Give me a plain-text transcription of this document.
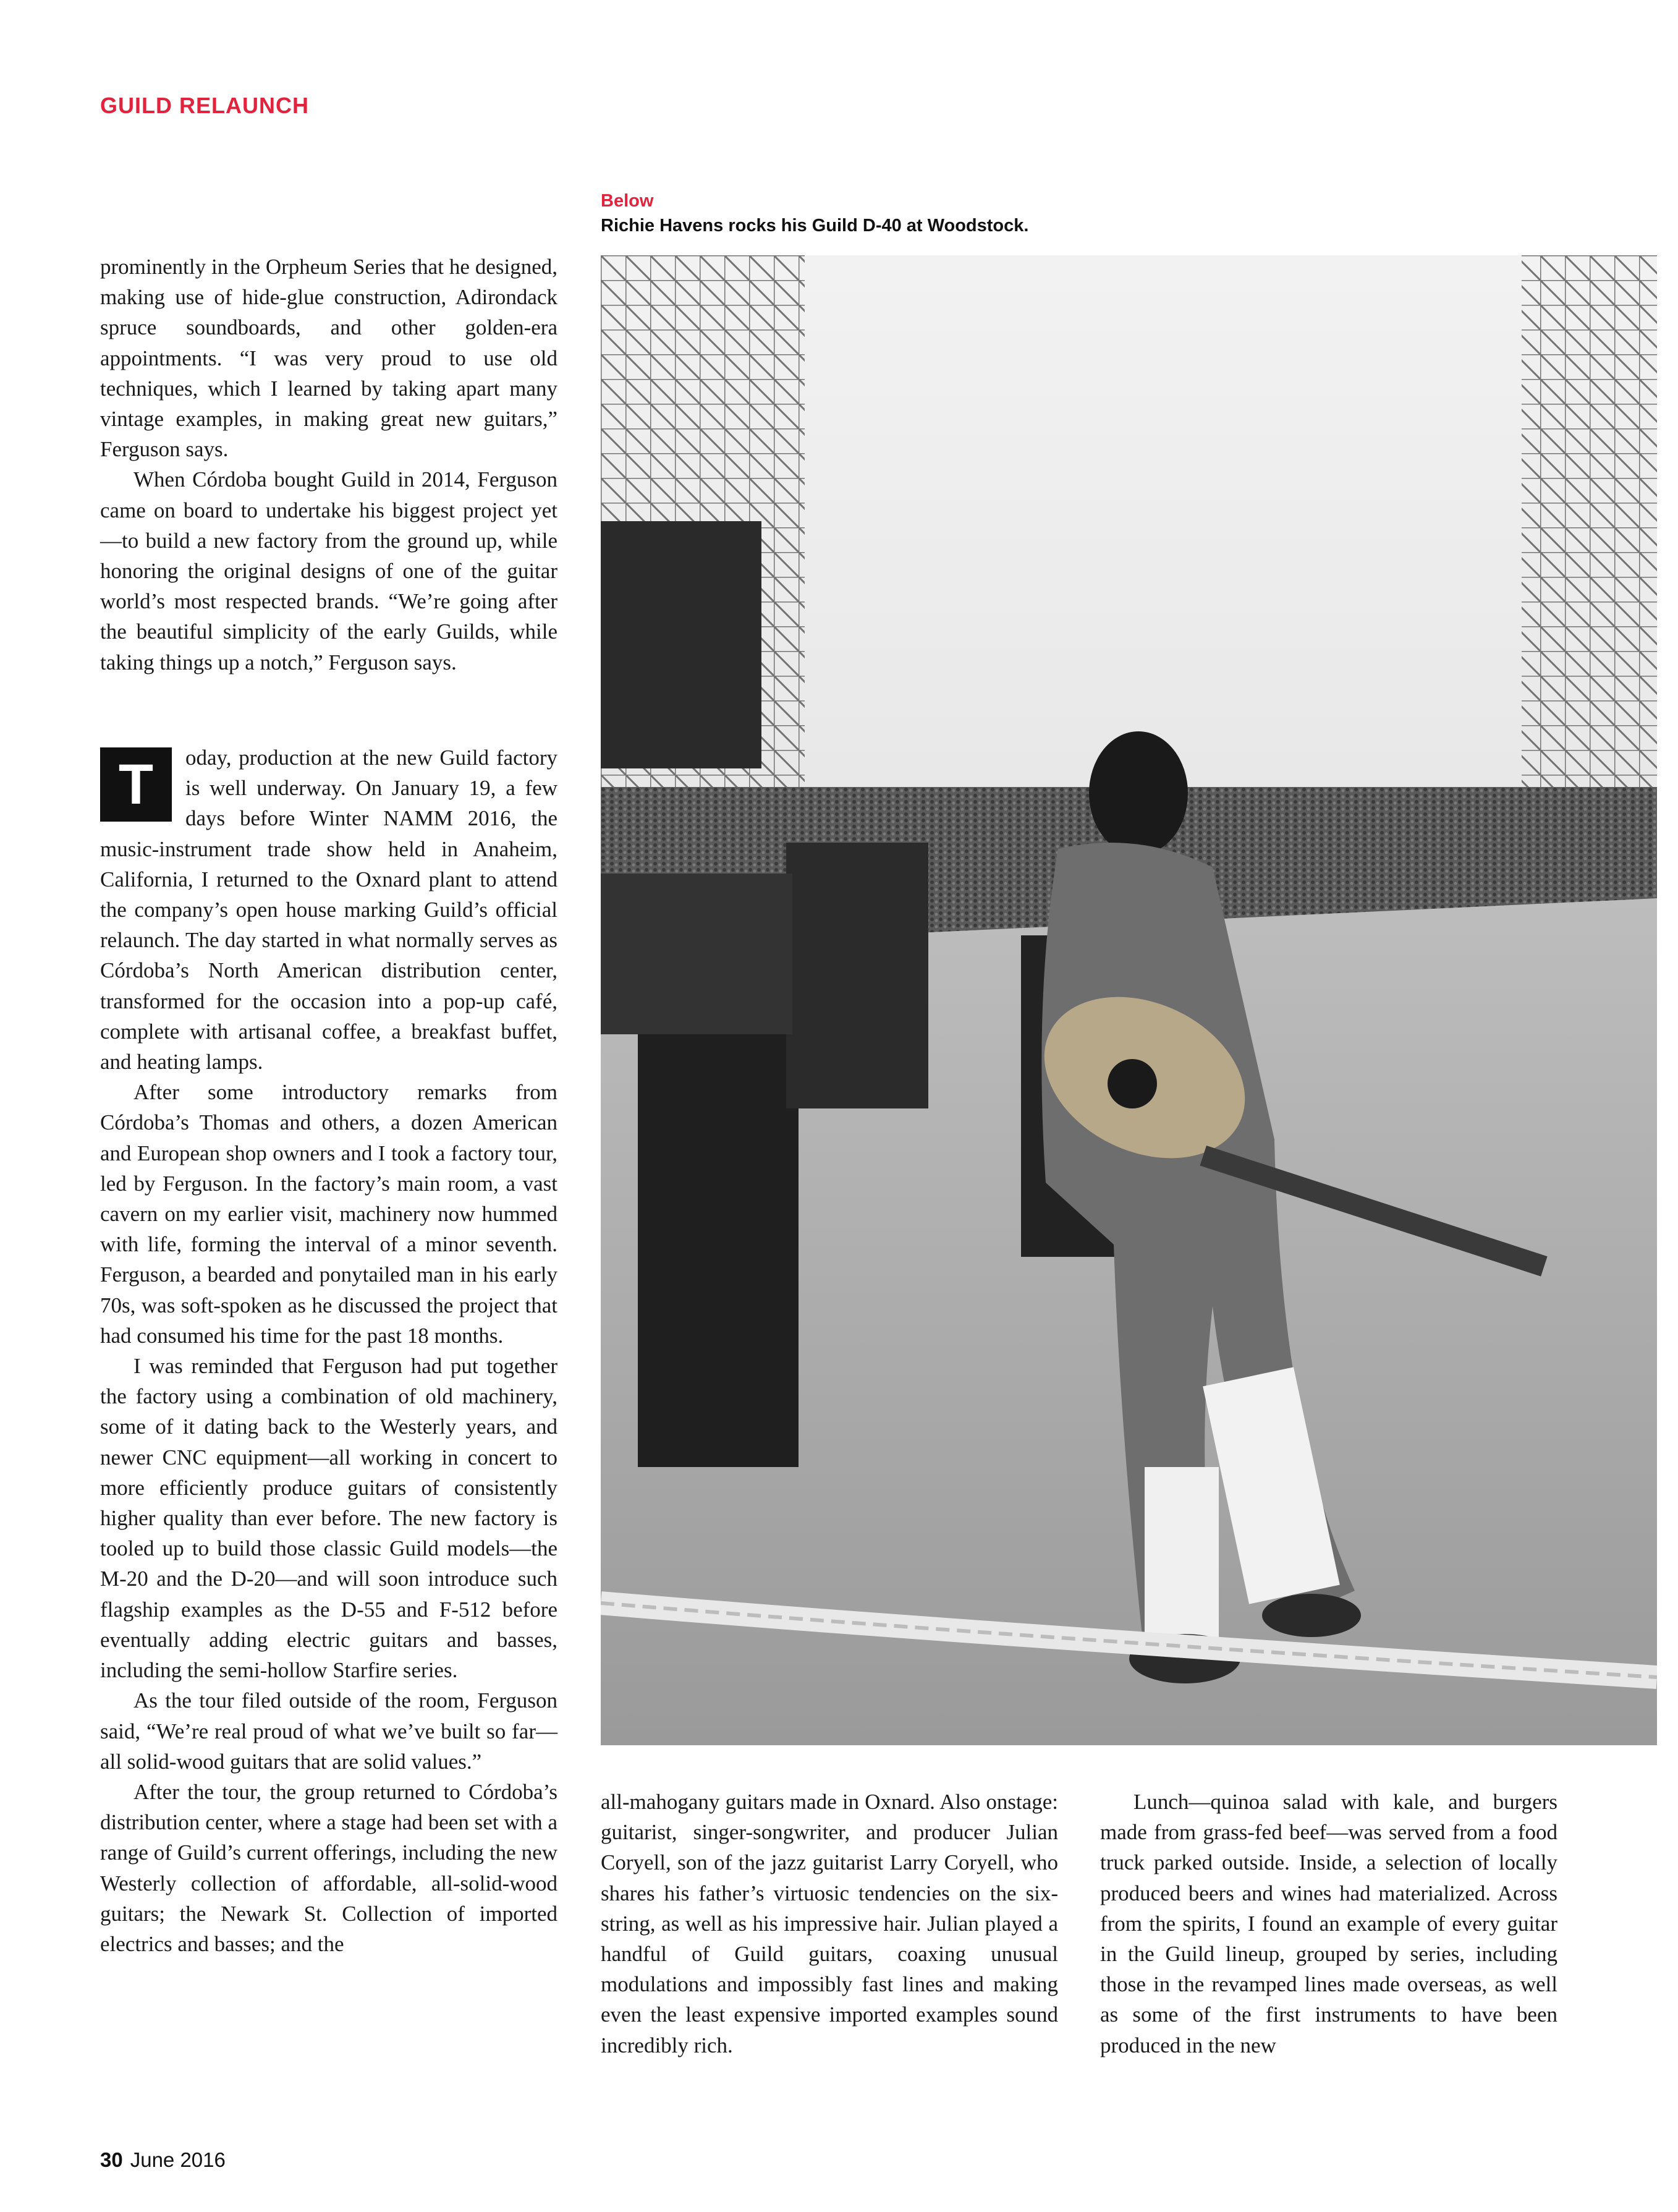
GUILD RELAUNCH
Below
Richie Havens rocks his Guild D-40 at Woodstock.

prominently in the Orpheum Series that he designed, making use of hide-glue construction, Adirondack spruce soundboards, and other golden-era appointments. “I was very proud to use old techniques, which I learned by taking apart many vintage examples, in making great new guitars,” Ferguson says.

When Córdoba bought Guild in 2014, Ferguson came on board to undertake his biggest project yet—to build a new factory from the ground up, while honoring the original designs of one of the guitar world’s most respected brands. “We’re going after the beautiful simplicity of the early Guilds, while taking things up a notch,” Ferguson says.

T	oday, production at the new Guild factory is well underway. On January 19, a few days before Winter NAMM 2016, the music-instrument trade show held in Anaheim, California, I returned to the Oxnard plant to attend the company’s open house marking Guild’s official relaunch. The day started in what normally serves as Córdoba’s North American distribution center, transformed for the occasion into a pop-up café, complete with artisanal coffee, a breakfast buffet, and heating lamps.

After some introductory remarks from Córdoba’s Thomas and others, a dozen American and European shop owners and I took a factory tour, led by Ferguson. In the factory’s main room, a vast cavern on my earlier visit, machinery now hummed with life, forming the interval of a minor seventh. Ferguson, a bearded and ponytailed man in his early 70s, was soft-spoken as he discussed the project that had consumed his time for the past 18 months.

I was reminded that Ferguson had put together the factory using a combination of old machinery, some of it dating back to the Westerly years, and newer CNC equipment—all working in concert to more efficiently produce guitars of consistently higher quality than ever before. The new factory is tooled up to build those classic Guild models—the M-20 and the D-20—and will soon introduce such flagship examples as the D-55 and F-512 before eventually adding electric guitars and basses, including the semi-hollow Starfire series.

As the tour filed outside of the room, Ferguson said, “We’re real proud of what we’ve built so far—all solid-wood guitars that are solid values.”

After the tour, the group returned to Córdoba’s distribution center, where a stage had been set with a range of Guild’s current offerings, including the new Westerly collection of affordable, all-solid-wood guitars; the Newark St. Collection of imported electrics and basses; and the

all-mahogany guitars made in Oxnard. Also onstage: guitarist, singer-songwriter, and producer Julian Coryell, son of the jazz guitarist Larry Coryell, who shares his father’s virtuosic tendencies on the six-string, as well as his impressive hair. Julian played a handful of Guild guitars, coaxing unusual modulations and impossibly fast lines and making even the least expensive imported examples sound incredibly rich.

Lunch—quinoa salad with kale, and burgers made from grass-fed beef—was served from a food truck parked outside. Inside, a selection of locally produced beers and wines had materialized. Across from the spirits, I found an example of every guitar in the Guild lineup, grouped by series, including those in the revamped lines made overseas, as well as some of the first instruments to have been produced in the new

30 June 2016
